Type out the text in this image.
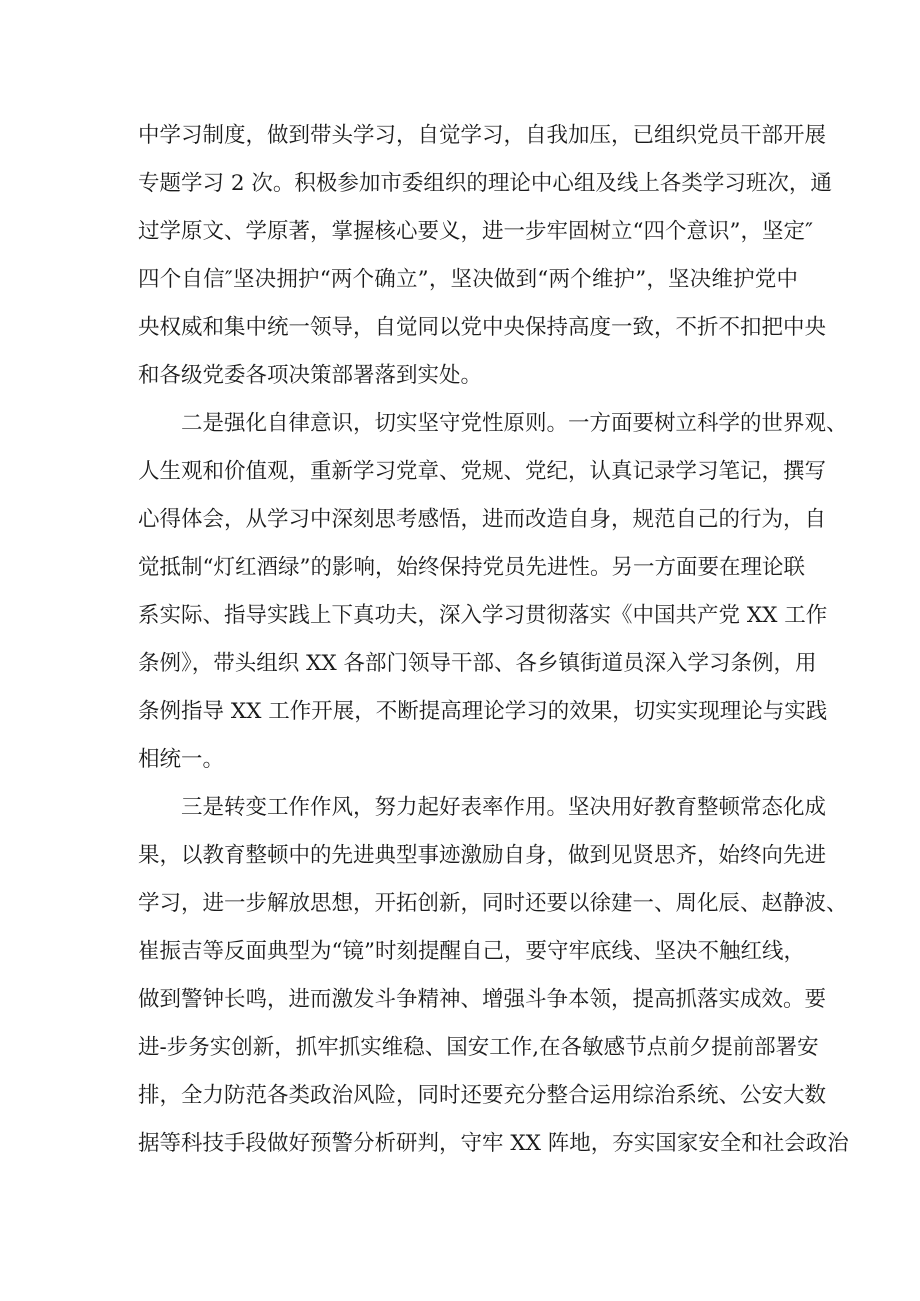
中学习制度，做到带头学习，自觉学习，自我加压，已组织党员干部开展
专题学习 2 次。积极参加市委组织的理论中心组及线上各类学习班次，通
过学原文、学原著，掌握核心要义，进一步牢固树立“四个意识”，坚定″
四个自信″坚决拥护“两个确立”，坚决做到“两个维护”，坚决维护党中
央权威和集中统一领导，自觉同以党中央保持高度一致，不折不扣把中央
和各级党委各项决策部署落到实处。
二是强化自律意识，切实坚守党性原则。一方面要树立科学的世界观、
人生观和价值观，重新学习党章、党规、党纪，认真记录学习笔记，撰写
心得体会，从学习中深刻思考感悟，进而改造自身，规范自己的行为，自
觉抵制“灯红酒绿”的影响，始终保持党员先进性。另一方面要在理论联
系实际、指导实践上下真功夫，深入学习贯彻落实《中国共产党 XX 工作
条例》，带头组织 XX 各部门领导干部、各乡镇街道员深入学习条例，用
条例指导 XX 工作开展，不断提高理论学习的效果，切实实现理论与实践
相统一。
三是转变工作作风，努力起好表率作用。坚决用好教育整顿常态化成
果，以教育整顿中的先进典型事迹激励自身，做到见贤思齐，始终向先进
学习，进一步解放思想，开拓创新，同时还要以徐建一、周化辰、赵静波、
崔振吉等反面典型为“镜”时刻提醒自己，要守牢底线、坚决不触红线，
做到警钟长鸣，进而激发斗争精神、增强斗争本领，提高抓落实成效。要
进-步务实创新，抓牢抓实维稳、国安工作,在各敏感节点前夕提前部署安
排，全力防范各类政治风险，同时还要充分整合运用综治系统、公安大数
据等科技手段做好预警分析研判，守牢 XX 阵地，夯实国家安全和社会政治
